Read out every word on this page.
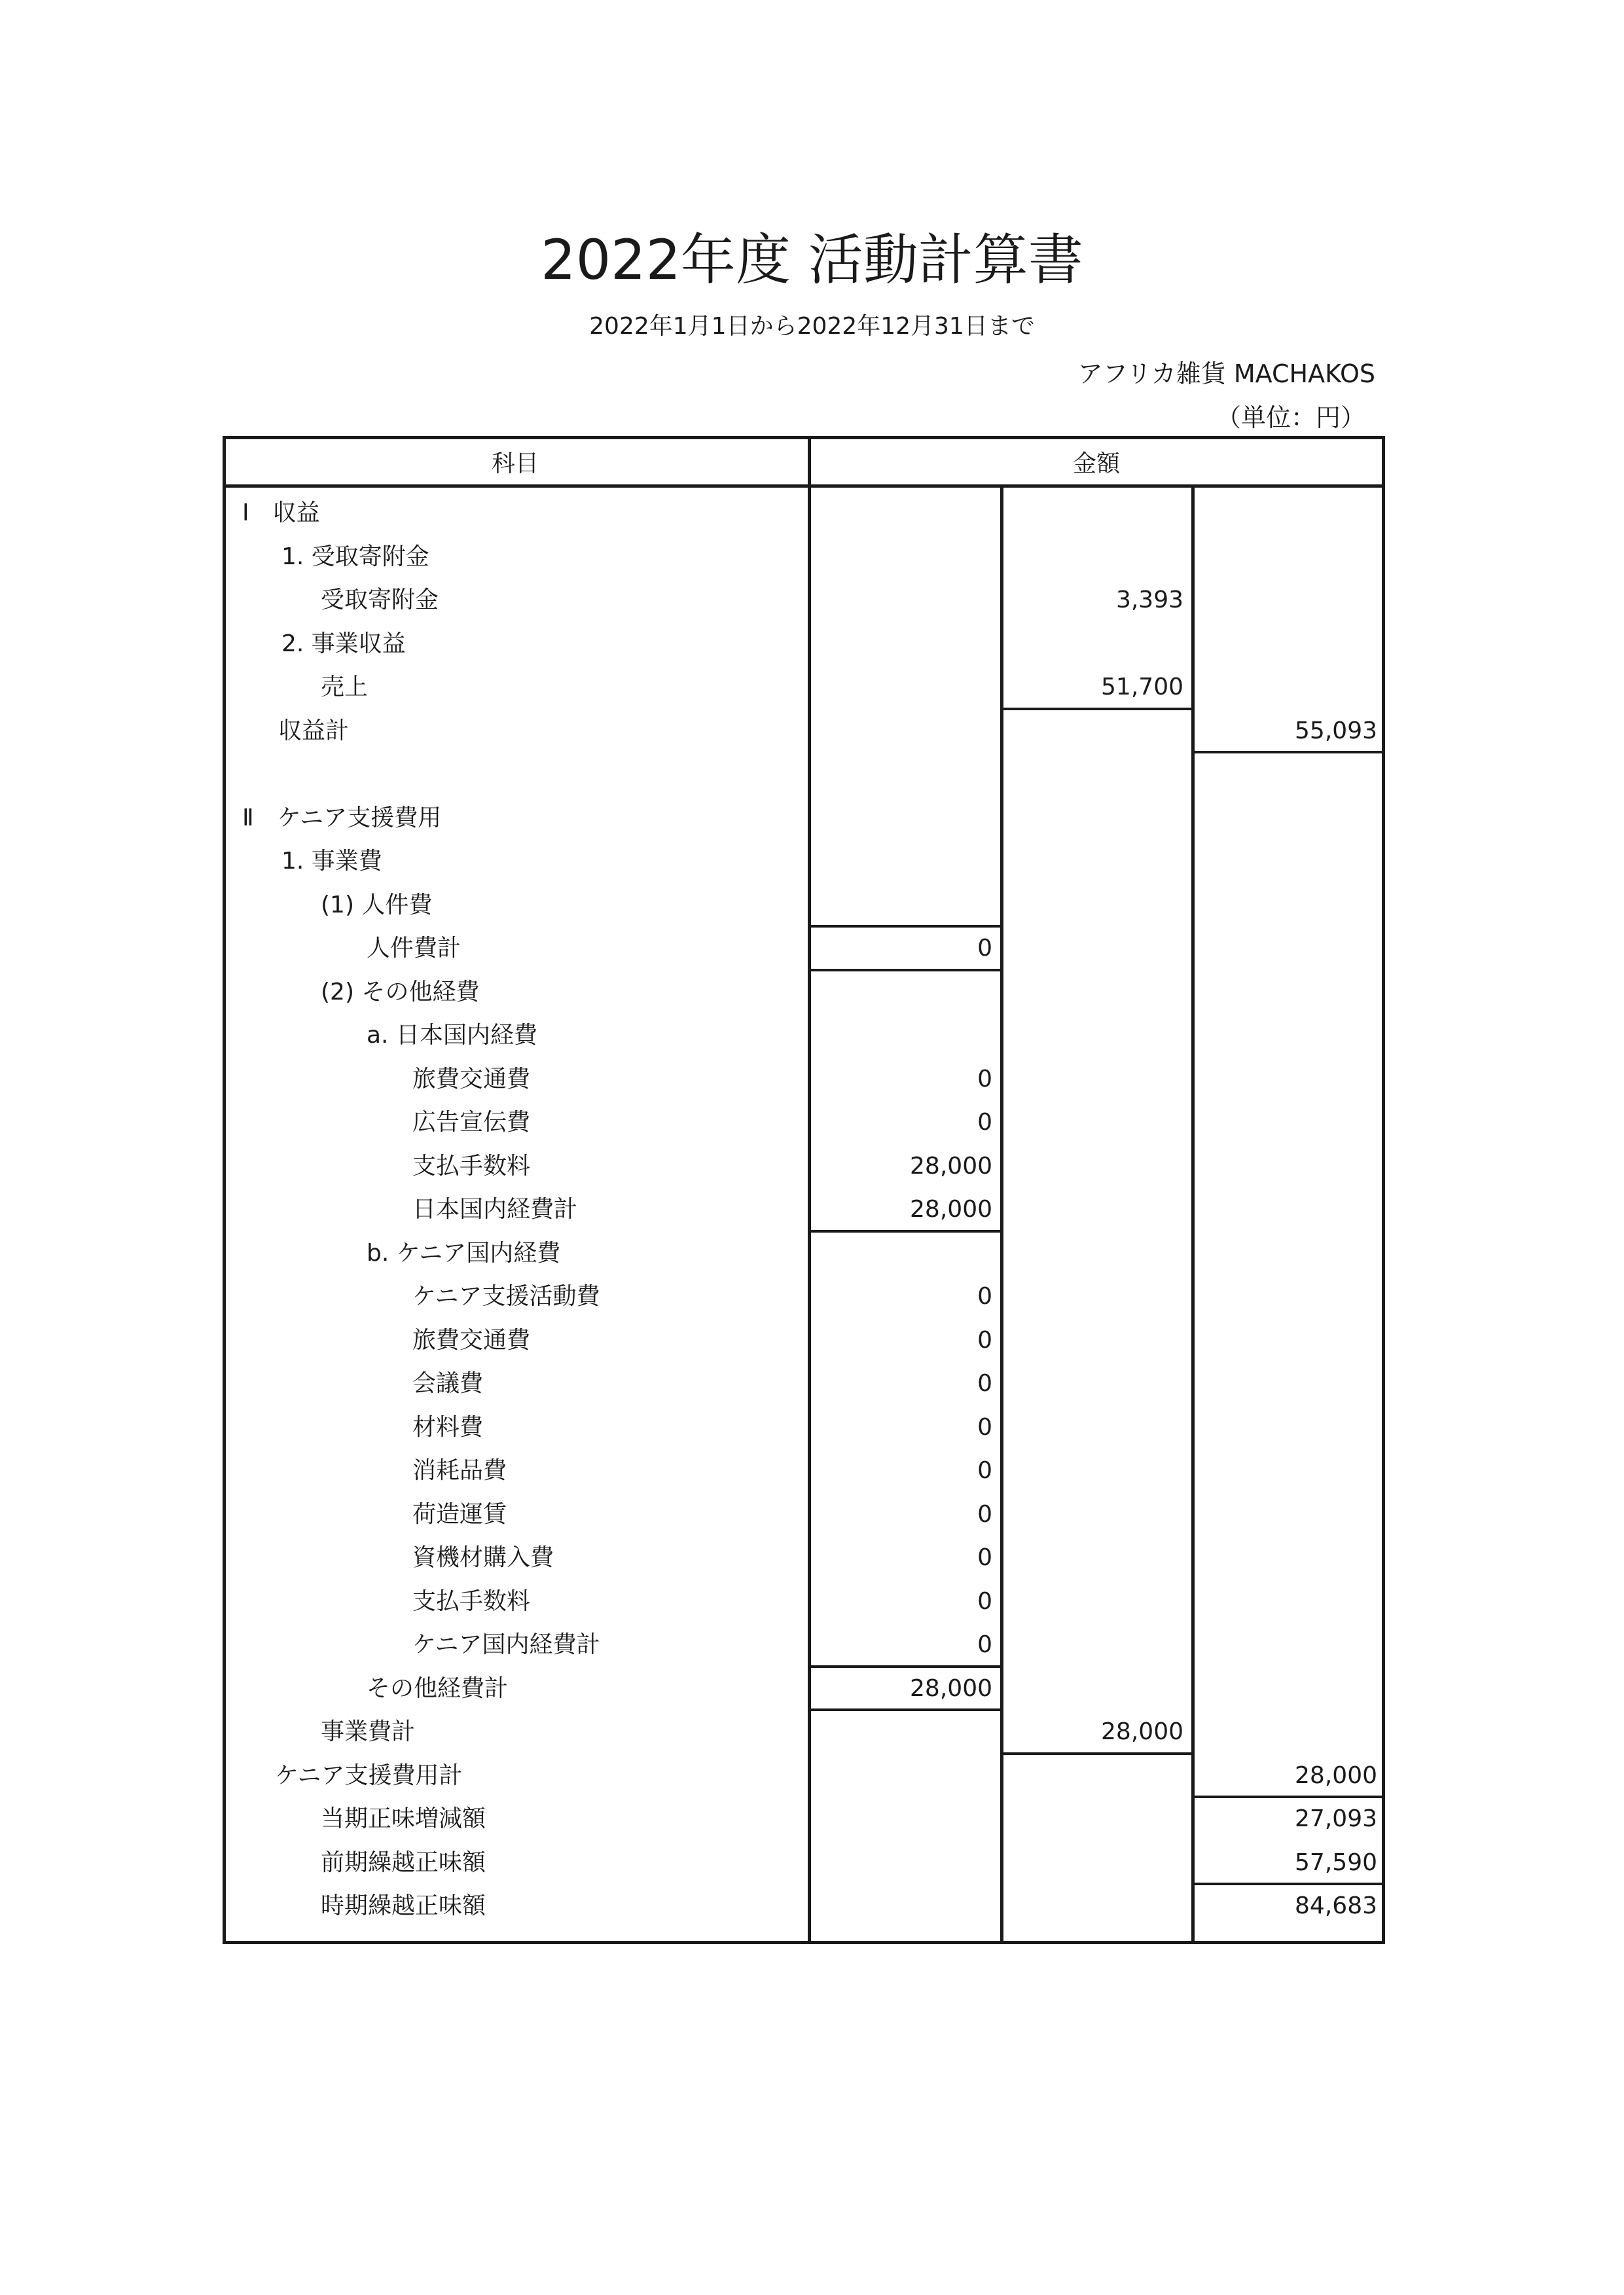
2022年度 活動計算書
2022年1月1日から2022年12月31日まで
アフリカ雑貨 MACHAKOS
（単位：円）
科目	金額
Ⅰ　収益
1. 受取寄附金
受取寄附金	3,393
2. 事業収益
売上	51,700
収益計	55,093
Ⅱ　ケニア支援費用
1. 事業費
(1) 人件費
人件費計	0
(2) その他経費
a. 日本国内経費
旅費交通費	0
広告宣伝費	0
支払手数料	28,000
日本国内経費計	28,000
b. ケニア国内経費
ケニア支援活動費	0
旅費交通費	0
会議費	0
材料費	0
消耗品費	0
荷造運賃	0
資機材購入費	0
支払手数料	0
ケニア国内経費計	0
その他経費計	28,000
事業費計	28,000
ケニア支援費用計	28,000
当期正味増減額	27,093
前期繰越正味額	57,590
時期繰越正味額	84,683
